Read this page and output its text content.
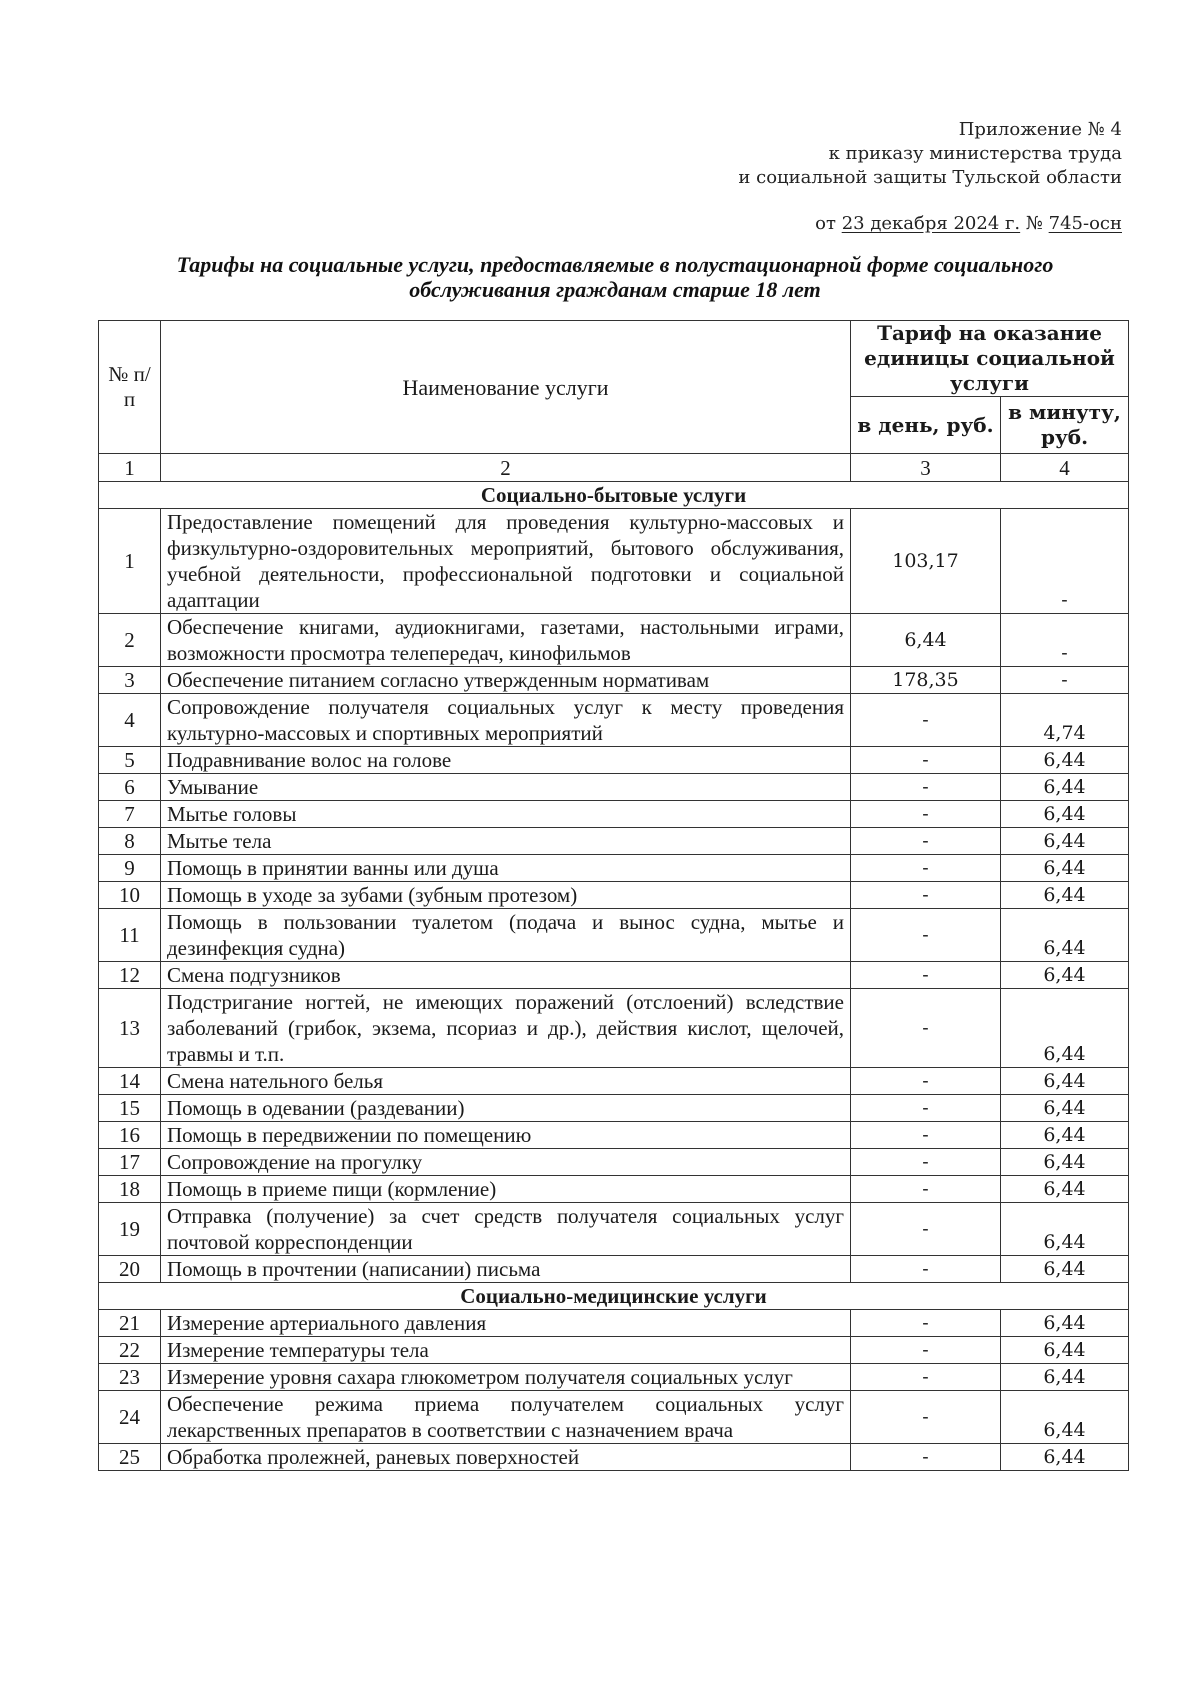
Приложение № 4
к приказу министерства труда
и социальной защиты Тульской области
от 23 декабря 2024 г. № 745-осн
Тарифы на социальные услуги, предоставляемые в полустационарной форме социального
обслуживания гражданам старше 18 лет
№ п/п	Наименование услуги	Тариф на оказание единицы социальной услуги	
		в день, руб.	в минуту, руб.
1	2	3	4
Социально-бытовые услуги			
1	Предоставление помещений для проведения культурно-массовых и физкультурно-оздоровительных мероприятий, бытового обслуживания, учебной деятельности, профессиональной подготовки и социальной адаптации	103,17	-
2	Обеспечение книгами, аудиокнигами, газетами, настольными играми, возможности просмотра телепередач, кинофильмов	6,44	-
3	Обеспечение питанием согласно утвержденным нормативам	178,35	-
4	Сопровождение получателя социальных услуг к месту проведения культурно-массовых и спортивных мероприятий	-	4,74
5	Подравнивание волос на голове	-	6,44
6	Умывание	-	6,44
7	Мытье головы	-	6,44
8	Мытье тела	-	6,44
9	Помощь в принятии ванны или душа	-	6,44
10	Помощь в уходе за зубами (зубным протезом)	-	6,44
11	Помощь в пользовании туалетом (подача и вынос судна, мытье и дезинфекция судна)	-	6,44
12	Смена подгузников	-	6,44
13	Подстригание ногтей, не имеющих поражений (отслоений) вследствие заболеваний (грибок, экзема, псориаз и др.), действия кислот, щелочей, травмы и т.п.	-	6,44
14	Смена нательного белья	-	6,44
15	Помощь в одевании (раздевании)	-	6,44
16	Помощь в передвижении по помещению	-	6,44
17	Сопровождение на прогулку	-	6,44
18	Помощь в приеме пищи (кормление)	-	6,44
19	Отправка (получение) за счет средств получателя социальных услуг почтовой корреспонденции	-	6,44
20	Помощь в прочтении (написании) письма	-	6,44
Социально-медицинские услуги			
21	Измерение артериального давления	-	6,44
22	Измерение температуры тела	-	6,44
23	Измерение уровня сахара глюкометром получателя социальных услуг	-	6,44
24	Обеспечение режима приема получателем социальных услуг лекарственных препаратов в соответствии с назначением врача	-	6,44
25	Обработка пролежней, раневых поверхностей	-	6,44
